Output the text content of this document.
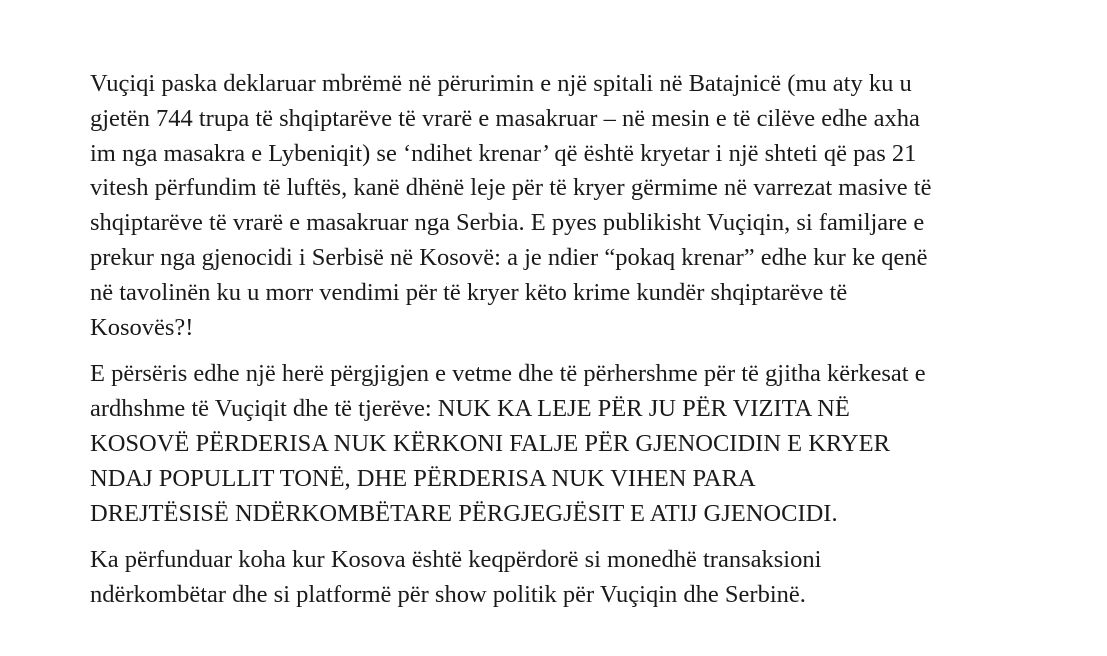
Vuçiqi paska deklaruar mbrëmë në përurimin e një spitali në Batajnicë (mu aty ku u
gjetën 744 trupa të shqiptarëve të vrarë e masakruar – në mesin e të cilëve edhe axha
im nga masakra e Lybeniqit) se ‘ndihet krenar’ që është kryetar i një shteti që pas 21
vitesh përfundim të luftës, kanë dhënë leje për të kryer gërmime në varrezat masive të
shqiptarëve të vrarë e masakruar nga Serbia. E pyes publikisht Vuçiqin, si familjare e
prekur nga gjenocidi i Serbisë në Kosovë: a je ndier “pokaq krenar” edhe kur ke qenë
në tavolinën ku u morr vendimi për të kryer këto krime kundër shqiptarëve të
Kosovës?!

E përsëris edhe një herë përgjigjen e vetme dhe të përhershme për të gjitha kërkesat e
ardhshme të Vuçiqit dhe të tjerëve: NUK KA LEJE PËR JU PËR VIZITA NË
KOSOVË PËRDERISA NUK KËRKONI FALJE PËR GJENOCIDIN E KRYER
NDAJ POPULLIT TONË, DHE PËRDERISA NUK VIHEN PARA
DREJTËSISË NDËRKOMBËTARE PËRGJEGJËSIT E ATIJ GJENOCIDI.

Ka përfunduar koha kur Kosova është keqpërdorë si monedhë transaksioni
ndërkombëtar dhe si platformë për show politik për Vuçiqin dhe Serbinë.
